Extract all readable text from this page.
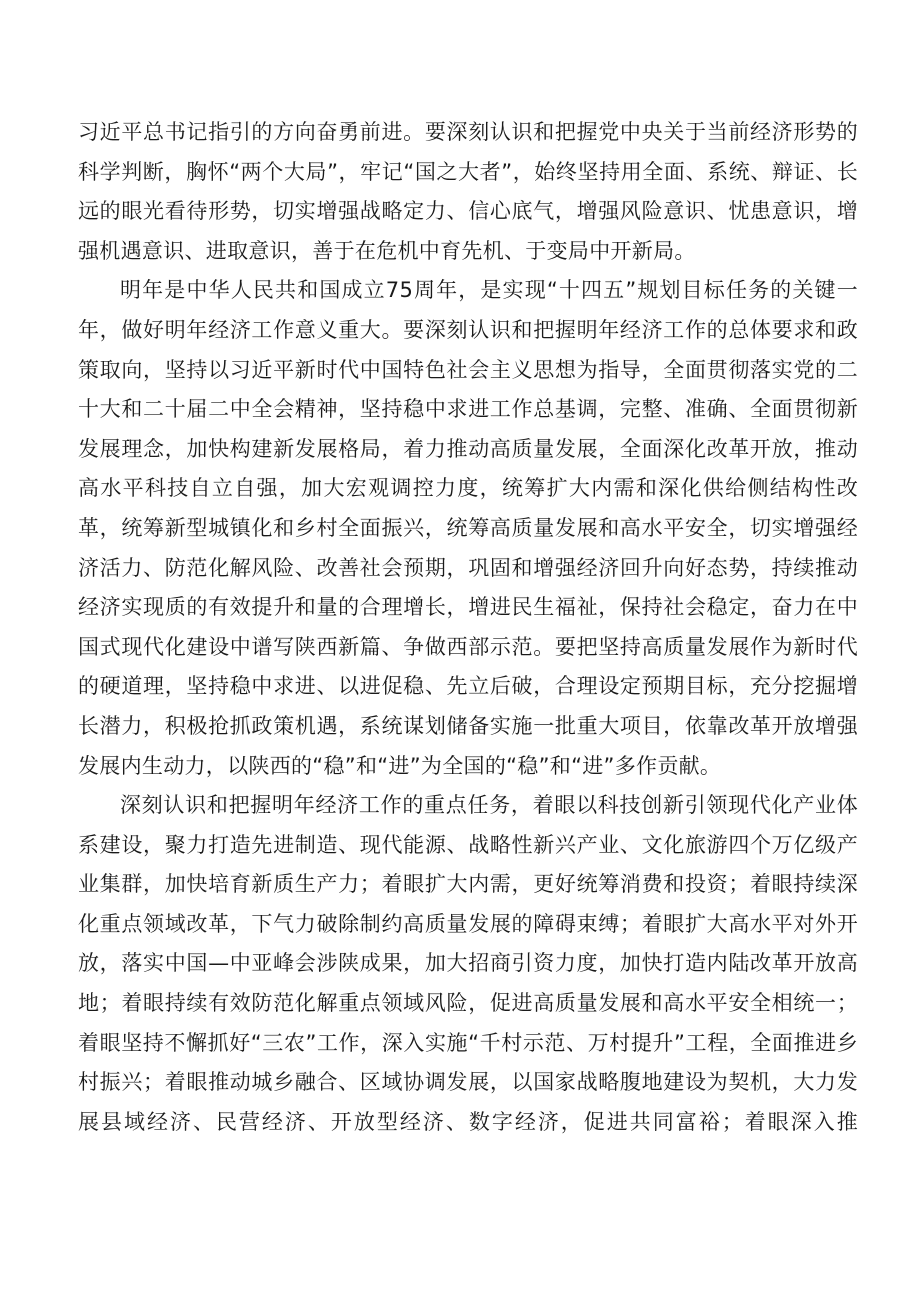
习近平总书记指引的方向奋勇前进。要深刻认识和把握党中央关于当前经济形势的科学判断，胸怀“两个大局”，牢记“国之大者”，始终坚持用全面、系统、辩证、长远的眼光看待形势，切实增强战略定力、信心底气，增强风险意识、忧患意识，增强机遇意识、进取意识，善于在危机中育先机、于变局中开新局。

明年是中华人民共和国成立75周年，是实现“十四五”规划目标任务的关键一年，做好明年经济工作意义重大。要深刻认识和把握明年经济工作的总体要求和政策取向，坚持以习近平新时代中国特色社会主义思想为指导，全面贯彻落实党的二十大和二十届二中全会精神，坚持稳中求进工作总基调，完整、准确、全面贯彻新发展理念，加快构建新发展格局，着力推动高质量发展，全面深化改革开放，推动高水平科技自立自强，加大宏观调控力度，统筹扩大内需和深化供给侧结构性改革，统筹新型城镇化和乡村全面振兴，统筹高质量发展和高水平安全，切实增强经济活力、防范化解风险、改善社会预期，巩固和增强经济回升向好态势，持续推动经济实现质的有效提升和量的合理增长，增进民生福祉，保持社会稳定，奋力在中国式现代化建设中谱写陕西新篇、争做西部示范。要把坚持高质量发展作为新时代的硬道理，坚持稳中求进、以进促稳、先立后破，合理设定预期目标，充分挖掘增长潜力，积极抢抓政策机遇，系统谋划储备实施一批重大项目，依靠改革开放增强发展内生动力，以陕西的“稳”和“进”为全国的“稳”和“进”多作贡献。

深刻认识和把握明年经济工作的重点任务，着眼以科技创新引领现代化产业体系建设，聚力打造先进制造、现代能源、战略性新兴产业、文化旅游四个万亿级产业集群，加快培育新质生产力；着眼扩大内需，更好统筹消费和投资；着眼持续深化重点领域改革，下气力破除制约高质量发展的障碍束缚；着眼扩大高水平对外开放，落实中国—中亚峰会涉陕成果，加大招商引资力度，加快打造内陆改革开放高地；着眼持续有效防范化解重点领域风险，促进高质量发展和高水平安全相统一；着眼坚持不懈抓好“三农”工作，深入实施“千村示范、万村提升”工程，全面推进乡村振兴；着眼推动城乡融合、区域协调发展，以国家战略腹地建设为契机，大力发展县域经济、民营经济、开放型经济、数字经济，促进共同富裕；着眼深入推
